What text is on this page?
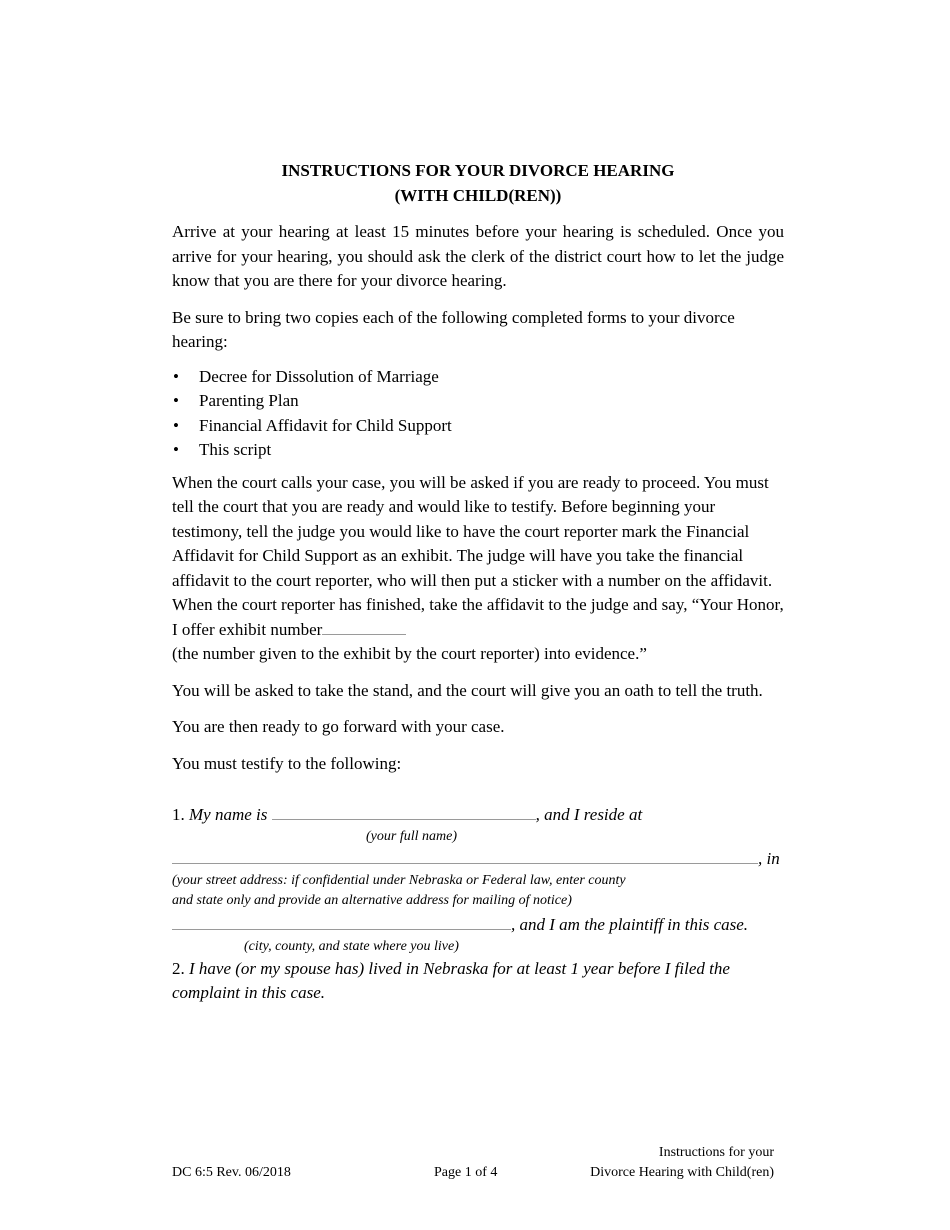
INSTRUCTIONS FOR YOUR DIVORCE HEARING
(WITH CHILD(REN))

Arrive at your hearing at least 15 minutes before your hearing is scheduled. Once you arrive for your hearing, you should ask the clerk of the district court how to let the judge know that you are there for your divorce hearing.

Be sure to bring two copies each of the following completed forms to your divorce hearing:

• Decree for Dissolution of Marriage
• Parenting Plan
• Financial Affidavit for Child Support
• This script

When the court calls your case, you will be asked if you are ready to proceed. You must tell the court that you are ready and would like to testify. Before beginning your testimony, tell the judge you would like to have the court reporter mark the Financial Affidavit for Child Support as an exhibit. The judge will have you take the financial affidavit to the court reporter, who will then put a sticker with a number on the affidavit. When the court reporter has finished, take the affidavit to the judge and say, “Your Honor, I offer exhibit number
(the number given to the exhibit by the court reporter) into evidence.”

You will be asked to take the stand, and the court will give you an oath to tell the truth.

You are then ready to go forward with your case.

You must testify to the following:

1. My name is	, and I reside at
(your full name)
, in
(your street address: if confidential under Nebraska or Federal law, enter county
and state only and provide an alternative address for mailing of notice)
, and I am the plaintiff in this case.
(city, county, and state where you live)
2. I have (or my spouse has) lived in Nebraska for at least 1 year before I filed the complaint in this case.
DC 6:5 Rev. 06/2018	Page 1 of 4
Instructions for your
Divorce Hearing with Child(ren)
